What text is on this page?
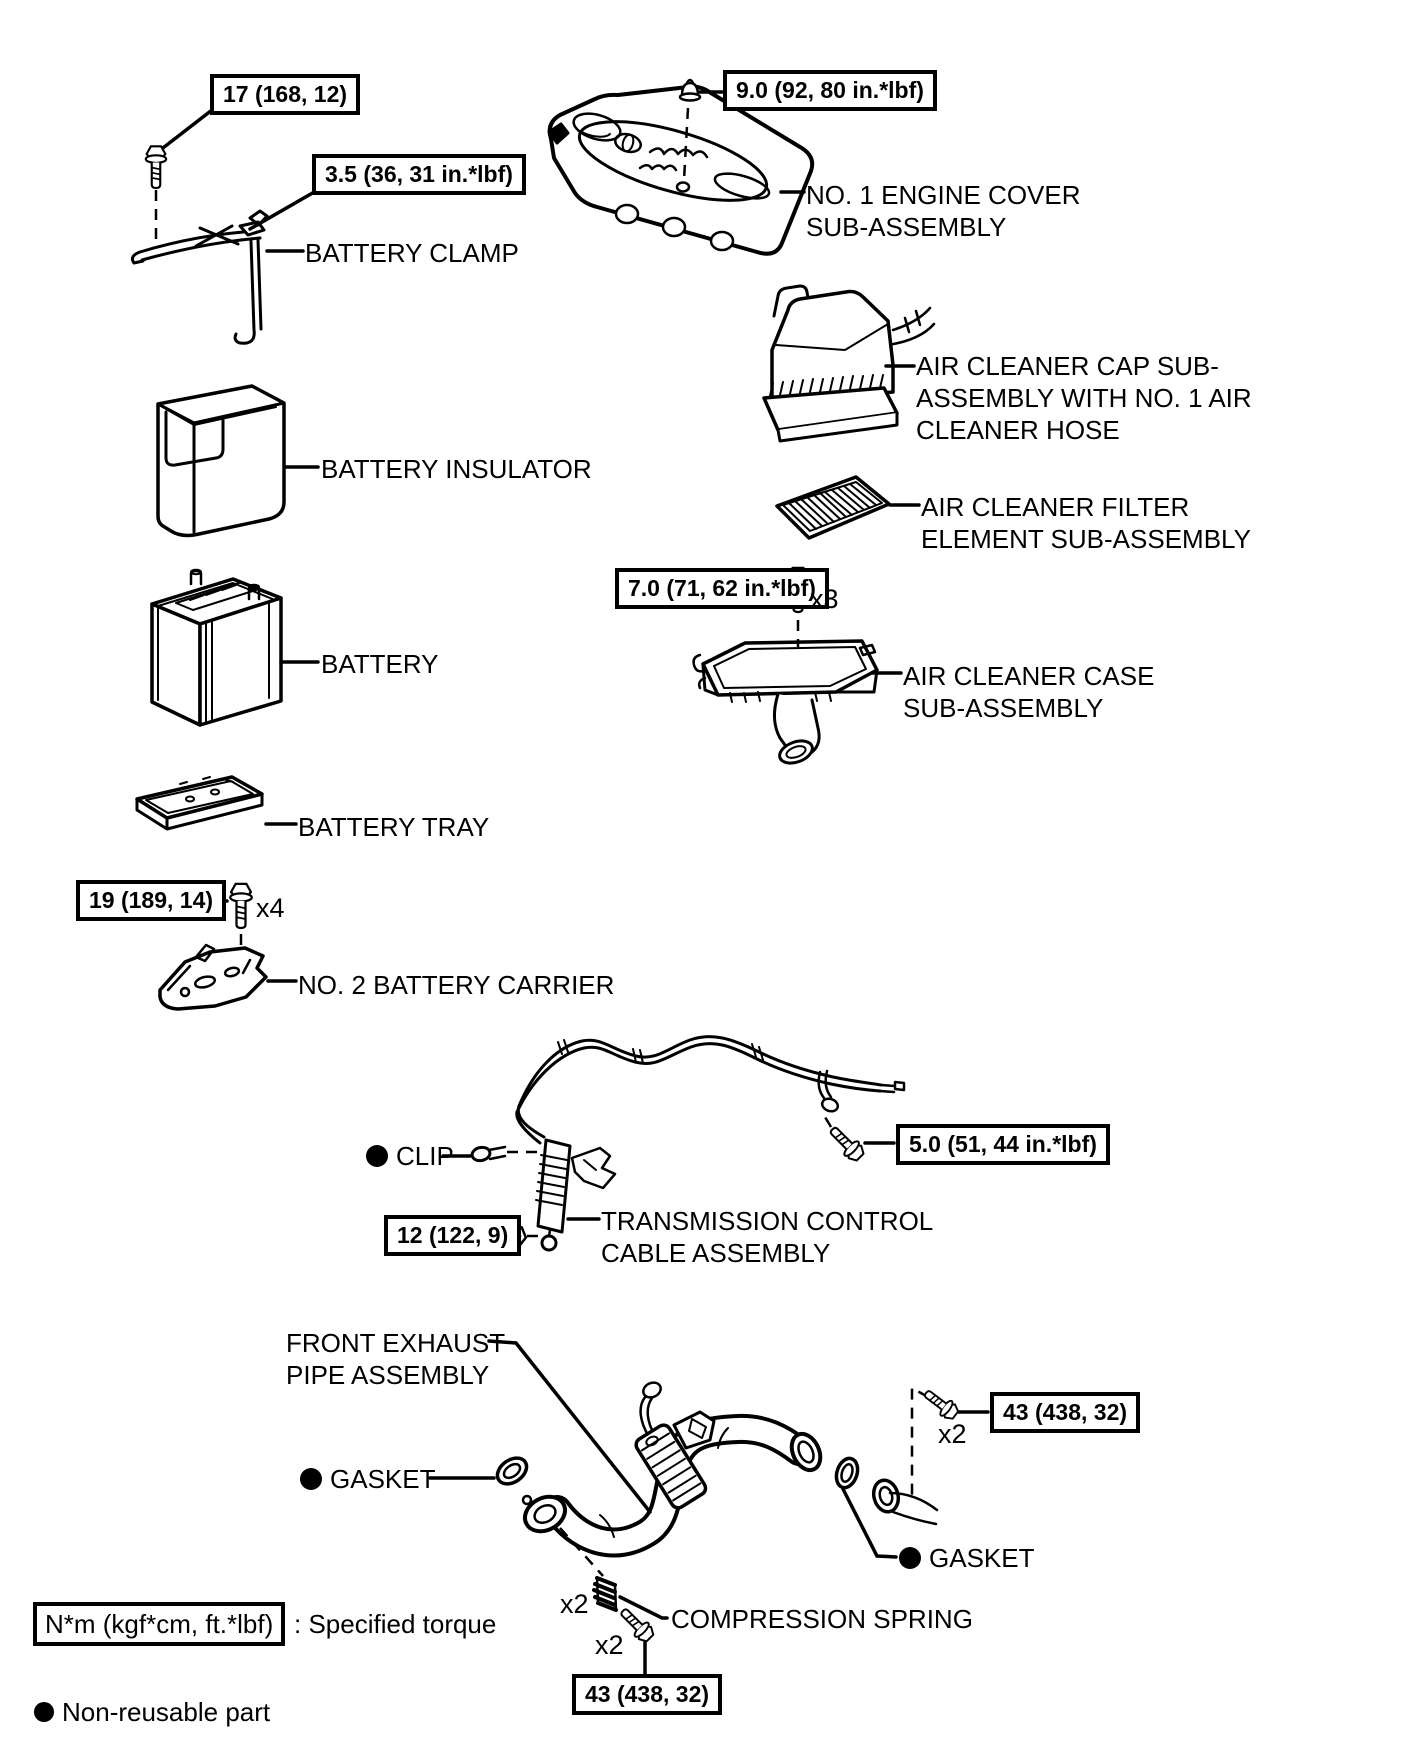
17 (168, 12)
3.5 (36, 31 in.*lbf)
BATTERY CLAMP
9.0 (92, 80 in.*lbf)
NO. 1 ENGINE COVER
SUB-ASSEMBLY
AIR CLEANER CAP SUB-
ASSEMBLY WITH NO. 1 AIR
CLEANER HOSE
AIR CLEANER FILTER
ELEMENT SUB-ASSEMBLY
7.0 (71, 62 in.*lbf)
x3
AIR CLEANER CASE
SUB-ASSEMBLY
BATTERY INSULATOR
BATTERY
BATTERY TRAY
19 (189, 14)	x4
NO. 2 BATTERY CARRIER
CLIP	5.0 (51, 44 in.*lbf)
12 (122, 9)	TRANSMISSION CONTROL
CABLE ASSEMBLY
FRONT EXHAUST
PIPE ASSEMBLY
GASKET
43 (438, 32)
x2
GASKET
x2
x2
COMPRESSION SPRING
43 (438, 32)
N*m (kgf*cm, ft.*lbf) : Specified torque
Non-reusable part
